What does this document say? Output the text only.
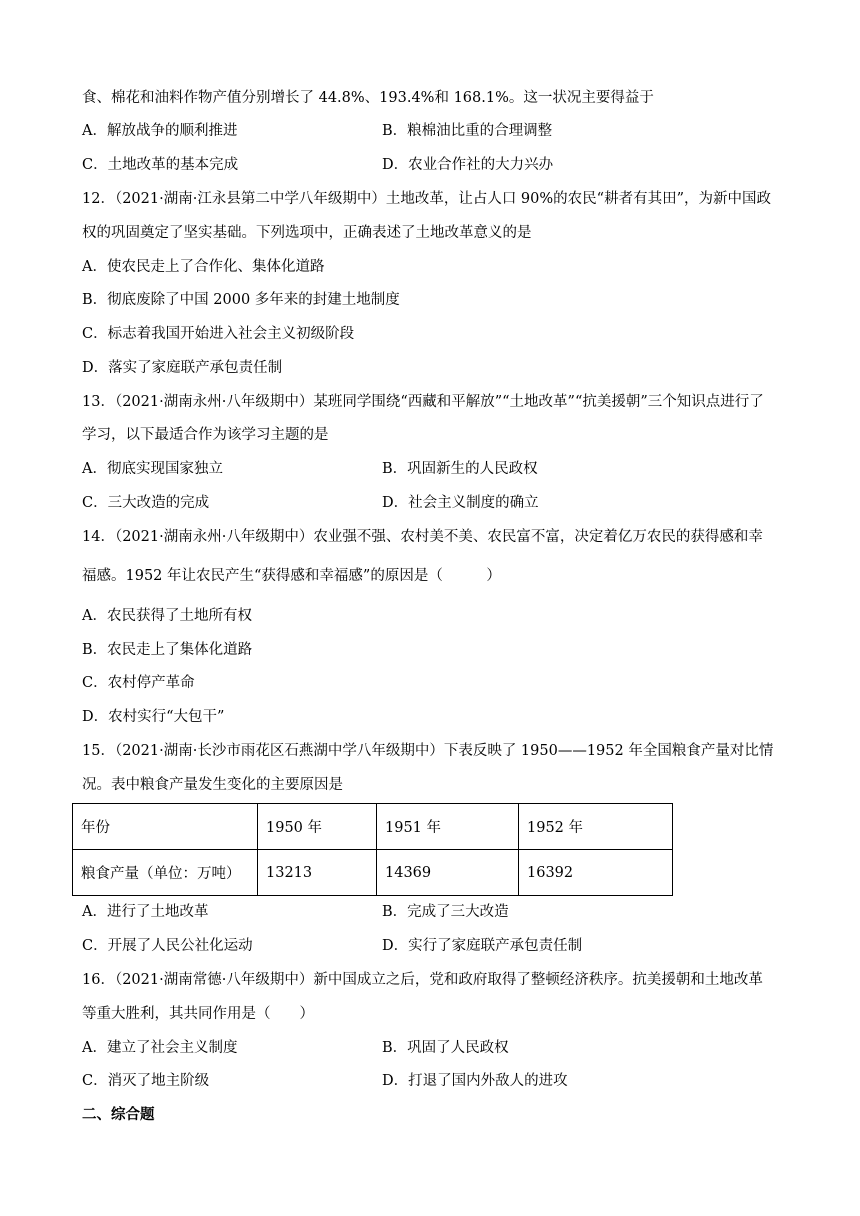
食、棉花和油料作物产值分别增长了 44.8%、193.4%和 168.1%。这一状况主要得益于
A．解放战争的顺利推进	B．粮棉油比重的合理调整
C．土地改革的基本完成	D．农业合作社的大力兴办
12．（2021·湖南·江永县第二中学八年级期中）土地改革，让占人口 90%的农民“耕者有其田”，为新中国政
权的巩固奠定了坚实基础。下列选项中，正确表述了土地改革意义的是
A．使农民走上了合作化、集体化道路
B．彻底废除了中国 2000 多年来的封建土地制度
C．标志着我国开始进入社会主义初级阶段
D．落实了家庭联产承包责任制
13．（2021·湖南永州·八年级期中）某班同学围绕“西藏和平解放”“土地改革”“抗美援朝”三个知识点进行了
学习，以下最适合作为该学习主题的是
A．彻底实现国家独立	B．巩固新生的人民政权
C．三大改造的完成	D．社会主义制度的确立
14．（2021·湖南永州·八年级期中）农业强不强、农村美不美、农民富不富，决定着亿万农民的获得感和幸
福感。1952 年让农民产生“获得感和幸福感”的原因是（　　　）
A．农民获得了土地所有权
B．农民走上了集体化道路
C．农村停产革命
D．农村实行“大包干”
15．（2021·湖南·长沙市雨花区石燕湖中学八年级期中）下表反映了 1950——1952 年全国粮食产量对比情
况。表中粮食产量发生变化的主要原因是
年份	1950 年	1951 年	1952 年
粮食产量（单位：万吨）	13213	14369	16392
A．进行了土地改革	B．完成了三大改造
C．开展了人民公社化运动	D．实行了家庭联产承包责任制
16．（2021·湖南常德·八年级期中）新中国成立之后，党和政府取得了整顿经济秩序。抗美援朝和土地改革
等重大胜利，其共同作用是（　　）
A．建立了社会主义制度	B．巩固了人民政权
C．消灭了地主阶级	D．打退了国内外敌人的进攻
二、综合题
